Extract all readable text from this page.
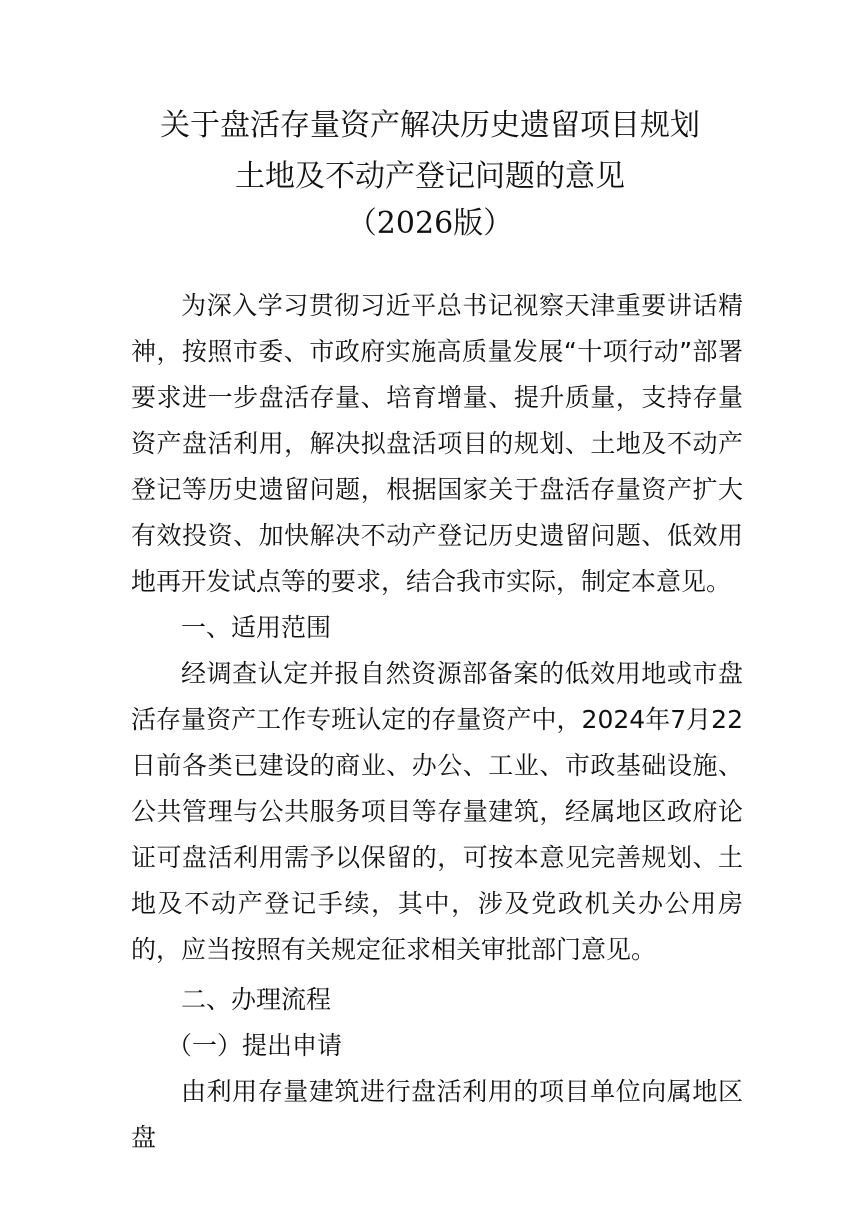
关于盘活存量资产解决历史遗留项目规划
土地及不动产登记问题的意见
（2026版）

为深入学习贯彻习近平总书记视察天津重要讲话精神，按照市委、市政府实施高质量发展“十项行动”部署要求进一步盘活存量、培育增量、提升质量，支持存量资产盘活利用，解决拟盘活项目的规划、土地及不动产登记等历史遗留问题，根据国家关于盘活存量资产扩大有效投资、加快解决不动产登记历史遗留问题、低效用地再开发试点等的要求，结合我市实际，制定本意见。

一、适用范围

经调查认定并报自然资源部备案的低效用地或市盘活存量资产工作专班认定的存量资产中，2024年7月22日前各类已建设的商业、办公、工业、市政基础设施、公共管理与公共服务项目等存量建筑，经属地区政府论证可盘活利用需予以保留的，可按本意见完善规划、土地及不动产登记手续，其中，涉及党政机关办公用房的，应当按照有关规定征求相关审批部门意见。

二、办理流程

（一）提出申请

由利用存量建筑进行盘活利用的项目单位向属地区盘
